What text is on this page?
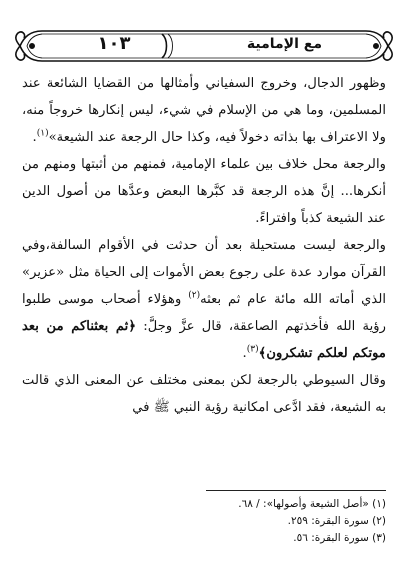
مع الإمامية
١٠٣

وظهور الدجال، وخروج السفياني وأمثالها من القضايا الشائعة عند المسلمين، وما هي من الإسلام في شيء، ليس إنكارها خروجاً منه، ولا الاعتراف بها بذاته دخولاً فيه، وكذا حال الرجعة عند الشيعة»$^{(١)}$.

والرجعة محل خلاف بين علماء الإمامية، فمنهم من أثبتها ومنهم من أنكرها... إنَّ هذه الرجعة قد كبَّرها البعض وعدَّها من أصول الدين عند الشيعة كذباً وافتراءً.

والرجعة ليست مستحيلة بعد أن حدثت في الأقوام السالفة،وفي القرآن موارد عدة على رجوع بعض الأموات إلى الحياة مثل «عزير» الذي أماته الله مائة عام ثم بعثه$^{(٢)}$ وهؤلاء أصحاب موسى طلبوا رؤية الله فأخذتهم الصاعقة، قال عزَّ وجلَّ: ﴿ثم بعثناكم من بعد موتكم لعلكم تشكرون﴾$^{(٣)}$.

وقال السيوطي بالرجعة لكن بمعنى مختلف عن المعنى الذي قالت به الشيعة، فقد ادَّعى امكانية رؤية النبي ﷺ في

(١) «أصل الشيعة وأصولها»: / ٦٨.
(٢) سورة البقرة: ٢٥٩.
(٣) سورة البقرة: ٥٦.
